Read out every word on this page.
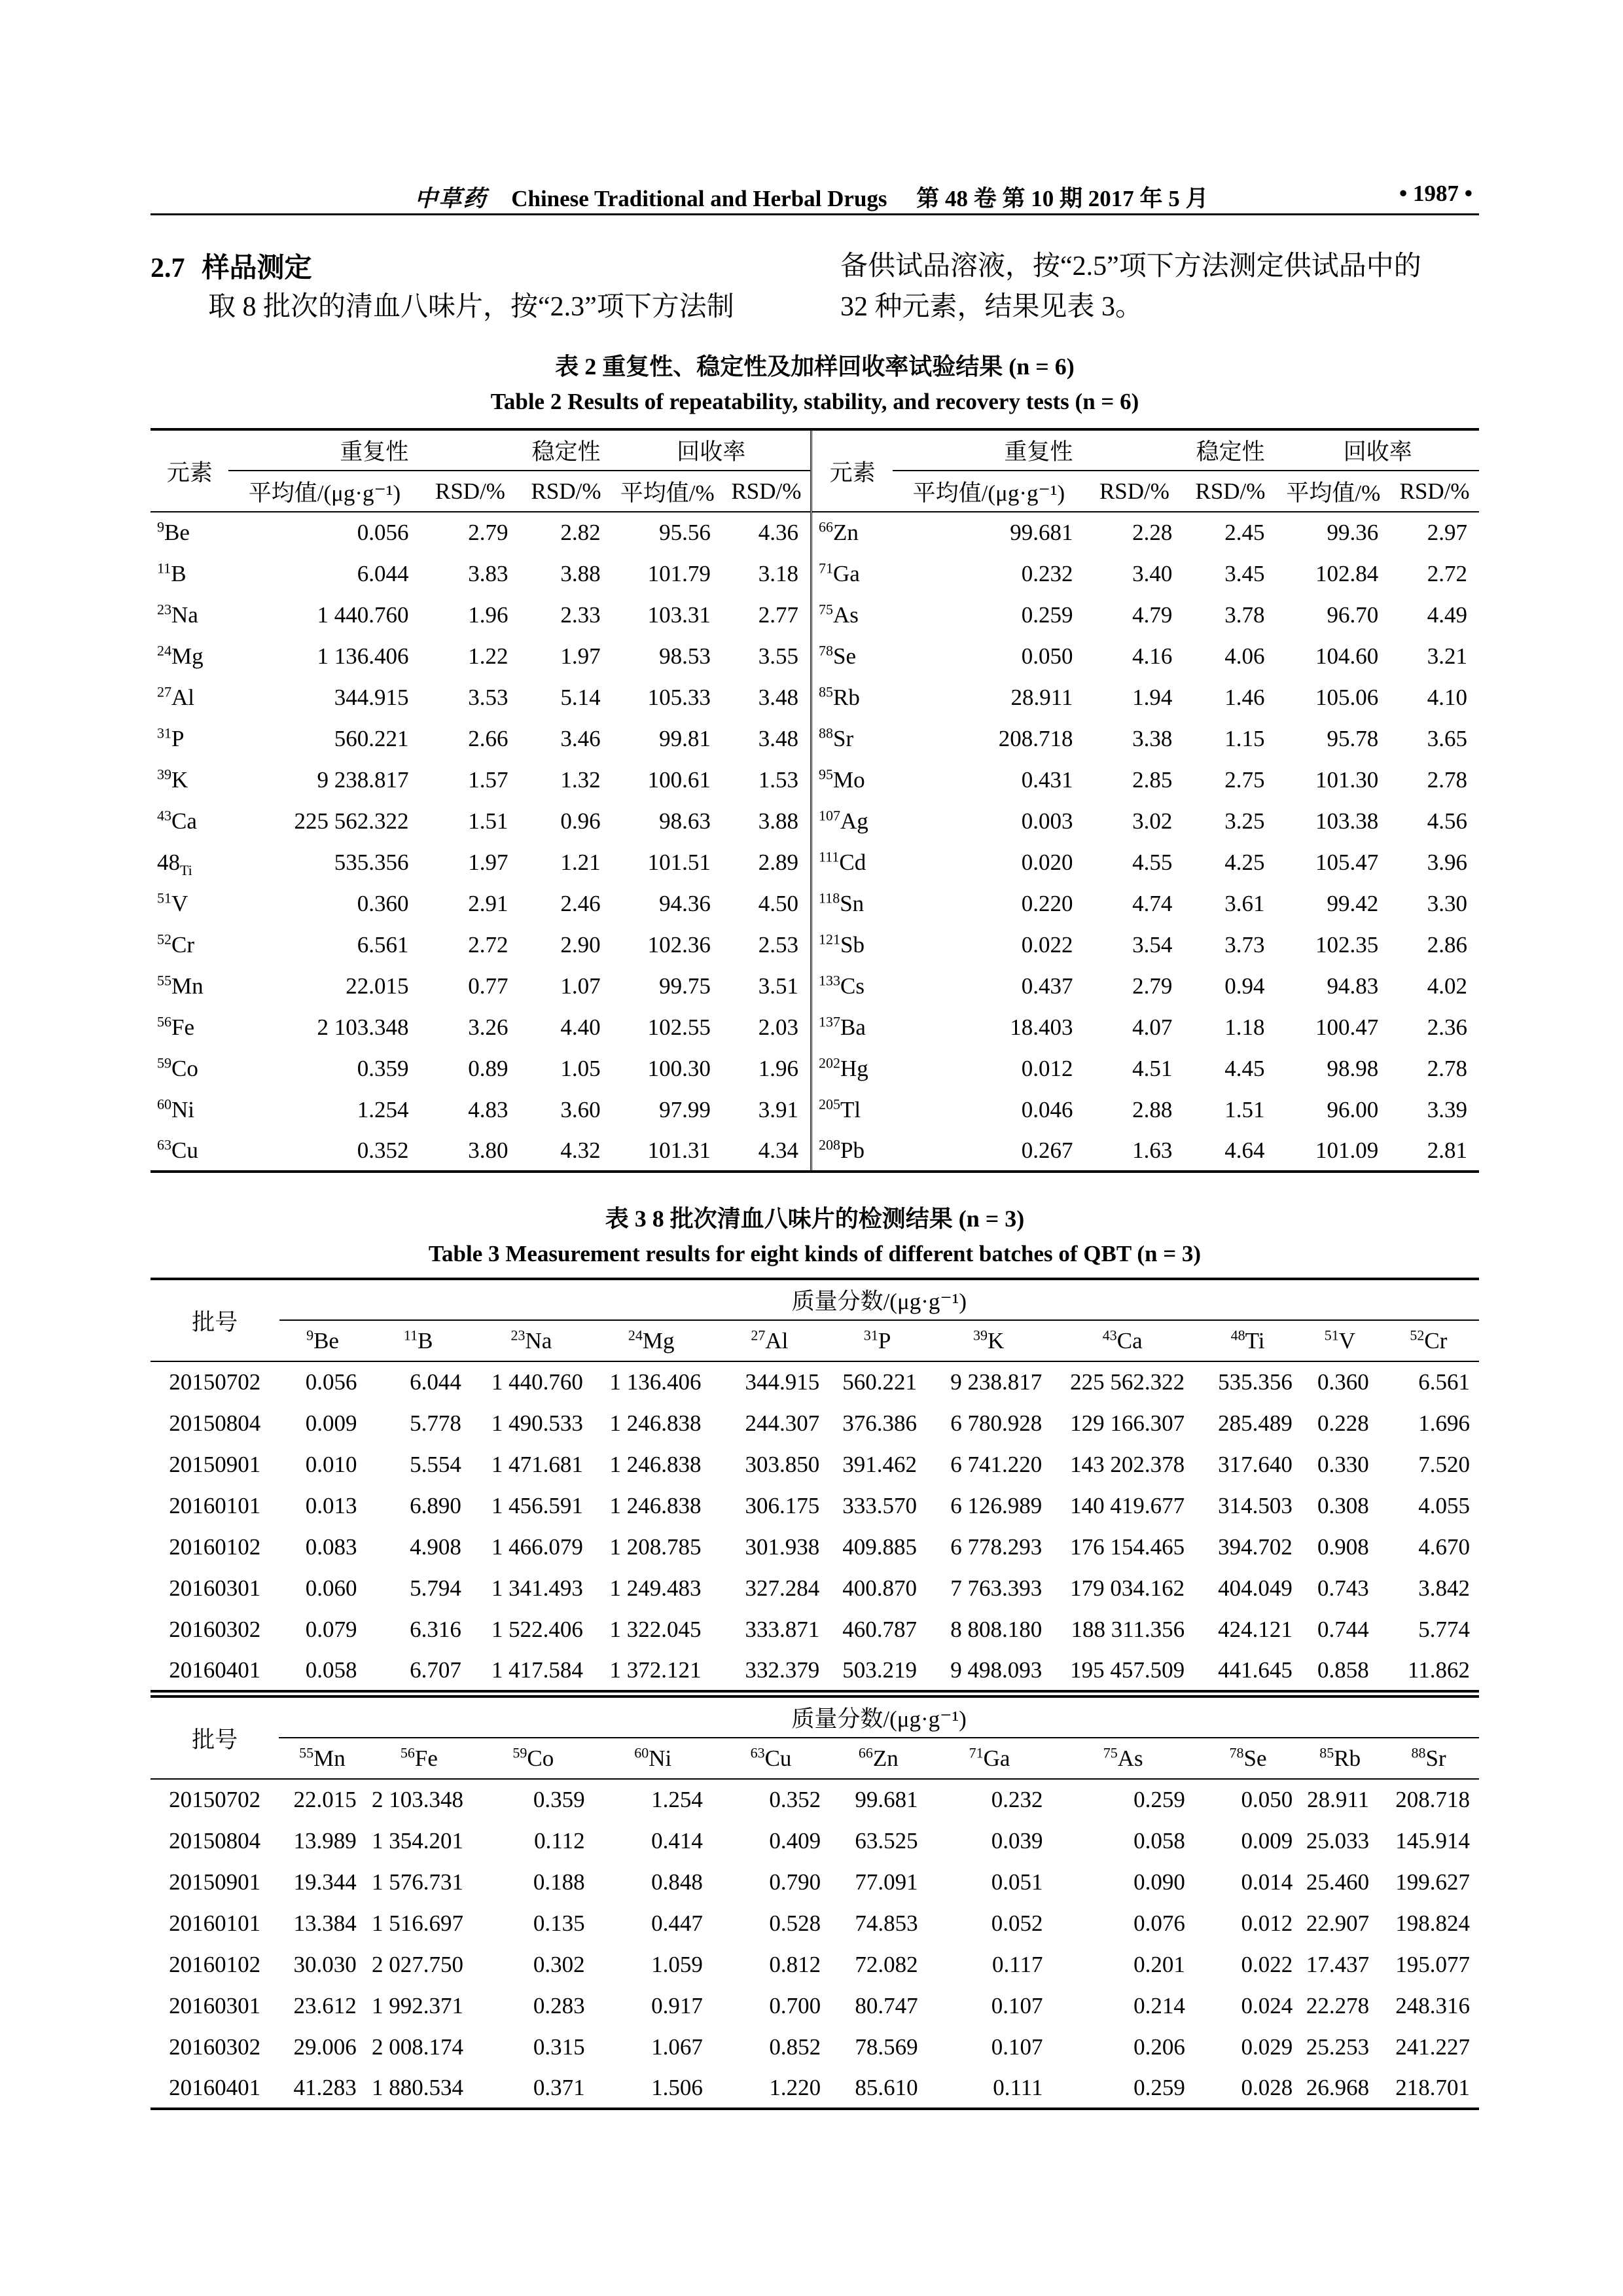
中草药 Chinese Traditional and Herbal Drugs 第 48 卷 第 10 期 2017 年 5 月	• 1987 •
2.7 样品测定
取 8 批次的清血八味片，按“2.3”项下方法制
备供试品溶液，按“2.5”项下方法测定供试品中的
32 种元素，结果见表 3。
表 2 重复性、稳定性及加样回收率试验结果 (n = 6)
Table 2 Results of repeatability, stability, and recovery tests (n = 6)
元素	重复性		稳定性	回收率		元素	重复性		稳定性	回收率	
	平均值/(μg·g⁻¹)	RSD/%	RSD/%	平均值/%	RSD/%		平均值/(μg·g⁻¹)	RSD/%	RSD/%	平均值/%	RSD/%
$^9$Be	0.056	2.79	2.82	95.56	4.36	$^{66}$Zn	99.681	2.28	2.45	99.36	2.97
$^{11}$B	6.044	3.83	3.88	101.79	3.18	$^{71}$Ga	0.232	3.40	3.45	102.84	2.72
$^{23}$Na	1 440.760	1.96	2.33	103.31	2.77	$^{75}$As	0.259	4.79	3.78	96.70	4.49
$^{24}$Mg	1 136.406	1.22	1.97	98.53	3.55	$^{78}$Se	0.050	4.16	4.06	104.60	3.21
$^{27}$Al	344.915	3.53	5.14	105.33	3.48	$^{85}$Rb	28.911	1.94	1.46	105.06	4.10
$^{31}$P	560.221	2.66	3.46	99.81	3.48	$^{88}$Sr	208.718	3.38	1.15	95.78	3.65
$^{39}$K	9 238.817	1.57	1.32	100.61	1.53	$^{95}$Mo	0.431	2.85	2.75	101.30	2.78
$^{43}$Ca	225 562.322	1.51	0.96	98.63	3.88	$^{107}$Ag	0.003	3.02	3.25	103.38	4.56
$48_{Ti}$	535.356	1.97	1.21	101.51	2.89	$^{111}$Cd	0.020	4.55	4.25	105.47	3.96
$^{51}$V	0.360	2.91	2.46	94.36	4.50	$^{118}$Sn	0.220	4.74	3.61	99.42	3.30
$^{52}$Cr	6.561	2.72	2.90	102.36	2.53	$^{121}$Sb	0.022	3.54	3.73	102.35	2.86
$^{55}$Mn	22.015	0.77	1.07	99.75	3.51	$^{133}$Cs	0.437	2.79	0.94	94.83	4.02
$^{56}$Fe	2 103.348	3.26	4.40	102.55	2.03	$^{137}$Ba	18.403	4.07	1.18	100.47	2.36
$^{59}$Co	0.359	0.89	1.05	100.30	1.96	$^{202}$Hg	0.012	4.51	4.45	98.98	2.78
$^{60}$Ni	1.254	4.83	3.60	97.99	3.91	$^{205}$Tl	0.046	2.88	1.51	96.00	3.39
$^{63}$Cu	0.352	3.80	4.32	101.31	4.34	$^{208}$Pb	0.267	1.63	4.64	101.09	2.81
表 3 8 批次清血八味片的检测结果 (n = 3)
Table 3 Measurement results for eight kinds of different batches of QBT (n = 3)
批号	质量分数/(μg·g⁻¹)										
	$^9$Be	$^{11}$B	$^{23}$Na	$^{24}$Mg	$^{27}$Al	$^{31}$P	$^{39}$K	$^{43}$Ca	$^{48}$Ti	$^{51}$V	$^{52}$Cr
20150702	0.056	6.044	1 440.760	1 136.406	344.915	560.221	9 238.817	225 562.322	535.356	0.360	6.561
20150804	0.009	5.778	1 490.533	1 246.838	244.307	376.386	6 780.928	129 166.307	285.489	0.228	1.696
20150901	0.010	5.554	1 471.681	1 246.838	303.850	391.462	6 741.220	143 202.378	317.640	0.330	7.520
20160101	0.013	6.890	1 456.591	1 246.838	306.175	333.570	6 126.989	140 419.677	314.503	0.308	4.055
20160102	0.083	4.908	1 466.079	1 208.785	301.938	409.885	6 778.293	176 154.465	394.702	0.908	4.670
20160301	0.060	5.794	1 341.493	1 249.483	327.284	400.870	7 763.393	179 034.162	404.049	0.743	3.842
20160302	0.079	6.316	1 522.406	1 322.045	333.871	460.787	8 808.180	188 311.356	424.121	0.744	5.774
20160401	0.058	6.707	1 417.584	1 372.121	332.379	503.219	9 498.093	195 457.509	441.645	0.858	11.862
批号	质量分数/(μg·g⁻¹)										
	$^{55}$Mn	$^{56}$Fe	$^{59}$Co	$^{60}$Ni	$^{63}$Cu	$^{66}$Zn	$^{71}$Ga	$^{75}$As	$^{78}$Se	$^{85}$Rb	$^{88}$Sr
20150702	22.015	2 103.348	0.359	1.254	0.352	99.681	0.232	0.259	0.050	28.911	208.718
20150804	13.989	1 354.201	0.112	0.414	0.409	63.525	0.039	0.058	0.009	25.033	145.914
20150901	19.344	1 576.731	0.188	0.848	0.790	77.091	0.051	0.090	0.014	25.460	199.627
20160101	13.384	1 516.697	0.135	0.447	0.528	74.853	0.052	0.076	0.012	22.907	198.824
20160102	30.030	2 027.750	0.302	1.059	0.812	72.082	0.117	0.201	0.022	17.437	195.077
20160301	23.612	1 992.371	0.283	0.917	0.700	80.747	0.107	0.214	0.024	22.278	248.316
20160302	29.006	2 008.174	0.315	1.067	0.852	78.569	0.107	0.206	0.029	25.253	241.227
20160401	41.283	1 880.534	0.371	1.506	1.220	85.610	0.111	0.259	0.028	26.968	218.701
